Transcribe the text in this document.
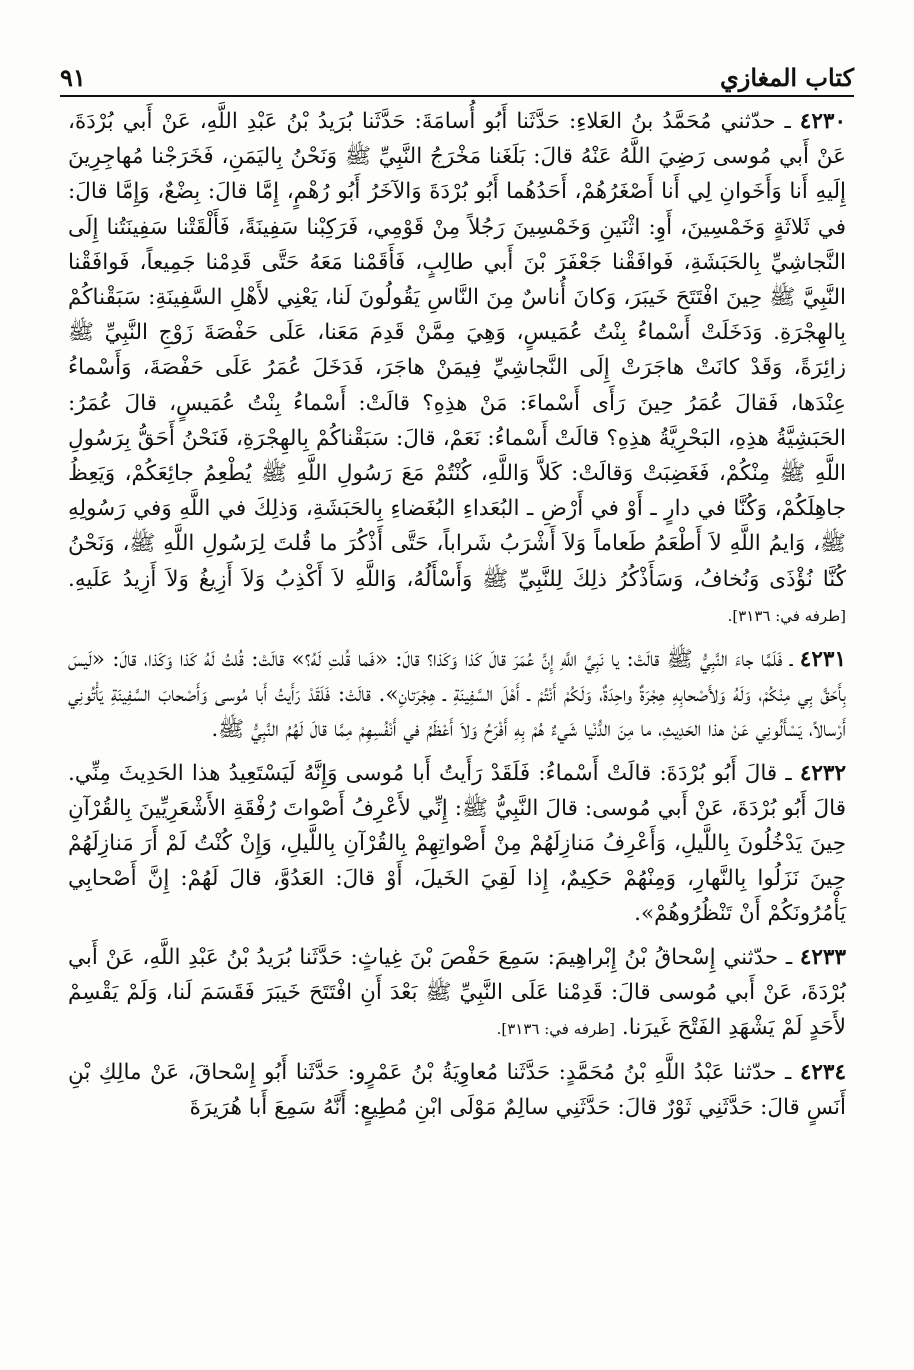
كتاب المغازي
٩١

٤٢٣٠ ـ حدّثني مُحَمَّدُ بنُ العَلاءِ: حَدَّثَنا أَبُو أُسامَةَ: حَدَّثَنا بُرَيدُ بْنُ عَبْدِ اللَّهِ، عَنْ أَبي بُرْدَةَ، عَنْ أَبي مُوسى رَضِيَ اللَّهُ عَنْهُ قالَ: بَلَغَنا مَخْرَجُ النَّبِيِّ ﷺ وَنَحْنُ بِاليَمَنِ، فَخَرَجْنا مُهاجِرِينَ إِلَيهِ أَنا وَأَخَوانِ لِي أَنا أَصْغَرُهُمْ، أَحَدُهُما أَبُو بُرْدَةَ وَالآخَرُ أَبُو رُهْمٍ، إِمَّا قالَ: بِضْعٌ، وَإِمَّا قالَ: في ثَلاثَةٍ وَخَمْسِينَ، أَوِ: اثْنَينِ وَخَمْسِينَ رَجُلاً مِنْ قَوْمِي، فَرَكِبْنا سَفِينَةً، فَأَلْقَتْنا سَفِينَتُنا إِلَى النَّجاشِيِّ بِالحَبَشَةِ، فَوافَقْنا جَعْفَرَ بْنَ أَبي طالِبٍ، فَأَقَمْنا مَعَهُ حَتَّى قَدِمْنا جَمِيعاً، فَوافَقْنا النَّبِيَّ ﷺ حِينَ افْتَتَحَ خَيبَرَ، وَكانَ أُناسٌ مِنَ النَّاسِ يَقُولُونَ لَنا، يَعْنِي لأَهْلِ السَّفِينَةِ: سَبَقْناكُمْ بِالهِجْرَةِ. وَدَخَلَتْ أَسْماءُ بِنْتُ عُمَيسٍ، وَهِيَ مِمَّنْ قَدِمَ مَعَنا، عَلَى حَفْصَةَ زَوْجِ النَّبِيِّ ﷺ زائِرَةً، وَقَدْ كانَتْ هاجَرَتْ إِلَى النَّجاشِيِّ فِيمَنْ هاجَرَ، فَدَخَلَ عُمَرُ عَلَى حَفْصَةَ، وَأَسْماءُ عِنْدَها، فَقالَ عُمَرُ حِينَ رَأَى أَسْماءَ: مَنْ هذِهِ؟ قالَتْ: أَسْماءُ بِنْتُ عُمَيسٍ، قالَ عُمَرُ: الحَبَشِيَّةُ هذِهِ، البَحْرِيَّةُ هذِهِ؟ قالَتْ أَسْماءُ: نَعَمْ، قالَ: سَبَقْناكُمْ بِالهِجْرَةِ، فَنَحْنُ أَحَقُّ بِرَسُولِ اللَّهِ ﷺ مِنْكُمْ، فَغَضِبَتْ وَقالَتْ: كَلاَّ وَاللَّهِ، كُنْتُمْ مَعَ رَسُولِ اللَّهِ ﷺ يُطْعِمُ جائِعَكُمْ، وَيَعِظُ جاهِلَكُمْ، وَكُنَّا في دارٍ ـ أَوْ في أَرْضِ ـ البُعَداءِ البُغَضاءِ بِالحَبَشَةِ، وَذلِكَ في اللَّهِ وَفي رَسُولِهِ ﷺ، وَايمُ اللَّهِ لاَ أَطْعَمُ طَعاماً وَلاَ أَشْرَبُ شَراباً، حَتَّى أَذْكُرَ ما قُلتَ لِرَسُولِ اللَّهِ ﷺ، وَنَحْنُ كُنَّا نُؤْذَى وَنُخافُ، وَسَأَذْكُرُ ذلِكَ لِلنَّبِيِّ ﷺ وَأَسْأَلُهُ، وَاللَّهِ لاَ أَكْذِبُ وَلاَ أَزِيغُ وَلاَ أَزِيدُ عَلَيهِ. [طرفه في: ٣١٣٦].

٤٢٣١ ـ فَلَمَّا جاءَ النَّبِيُّ ﷺ قالَتْ: يا نَبِيَّ اللَّهِ إِنَّ عُمَرَ قالَ كَذا وَكَذا؟ قالَ: «فَما قُلتِ لَهُ؟» قالَتْ: قُلتُ لَهُ كَذا وَكَذا، قالَ: «لَيسَ بِأَحَقَّ بِي مِنْكُمْ، وَلَهُ وَلأَصْحابِهِ هِجْرَةٌ واحِدَةٌ، وَلَكُمْ أَنْتُمْ ـ أَهْلَ السَّفِينَةِ ـ هِجْرَتانِ». قالَتْ: فَلَقَدْ رَأَيتُ أَبا مُوسى وَأَصْحابَ السَّفِينَةِ يَأْتُونِي أَرْسالاً، يَسْأَلُونِي عَنْ هذا الحَدِيثِ، ما مِنَ الدُّنْيا شَيءٌ هُمْ بِهِ أَفْرَحُ وَلاَ أَعْظَمُ في أَنْفُسِهِمْ مِمَّا قالَ لَهُمُ النَّبِيُّ ﷺ.

٤٢٣٢ ـ قالَ أَبُو بُرْدَةَ: قالَتْ أَسْماءُ: فَلَقَدْ رَأَيتُ أَبا مُوسى وَإِنَّهُ لَيَسْتَعِيدُ هذا الحَدِيثَ مِنِّي. قالَ أَبُو بُرْدَةَ، عَنْ أَبي مُوسى: قالَ النَّبِيُّ ﷺ: إِنِّي لأَعْرِفُ أَصْواتَ رُفْقَةِ الأَشْعَرِيِّينَ بِالقُرْآنِ حِينَ يَدْخُلُونَ بِاللَّيلِ، وَأَعْرِفُ مَنازِلَهُمْ مِنْ أَصْواتِهِمْ بِالقُرْآنِ بِاللَّيلِ، وَإِنْ كُنْتُ لَمْ أَرَ مَنازِلَهُمْ حِينَ نَزَلُوا بِالنَّهارِ، وَمِنْهُمْ حَكِيمٌ، إِذا لَقِيَ الخَيلَ، أَوْ قالَ: العَدُوَّ، قالَ لَهُمْ: إِنَّ أَصْحابِي يَأْمُرُونَكُمْ أَنْ تَنْظُرُوهُمْ».

٤٢٣٣ ـ حدّثني إِسْحاقُ بْنُ إِبْراهِيمَ: سَمِعَ حَفْصَ بْنَ غِياثٍ: حَدَّثَنا بُرَيدُ بْنُ عَبْدِ اللَّهِ، عَنْ أَبي بُرْدَةَ، عَنْ أَبي مُوسى قالَ: قَدِمْنا عَلَى النَّبِيِّ ﷺ بَعْدَ أَنِ افْتَتَحَ خَيبَرَ فَقَسَمَ لَنا، وَلَمْ يَقْسِمْ لأَحَدٍ لَمْ يَشْهَدِ الفَتْحَ غَيرَنا. [طرفه في: ٣١٣٦].

٤٢٣٤ ـ حدّثنا عَبْدُ اللَّهِ بْنُ مُحَمَّدٍ: حَدَّثَنا مُعاوِيَةُ بْنُ عَمْرٍو: حَدَّثَنا أَبُو إِسْحاقَ، عَنْ مالِكِ بْنِ أَنَسٍ قالَ: حَدَّثَنِي ثَوْرٌ قالَ: حَدَّثَنِي سالِمٌ مَوْلَى ابْنِ مُطِيعٍ: أَنَّهُ سَمِعَ أَبا هُرَيرَةَ
